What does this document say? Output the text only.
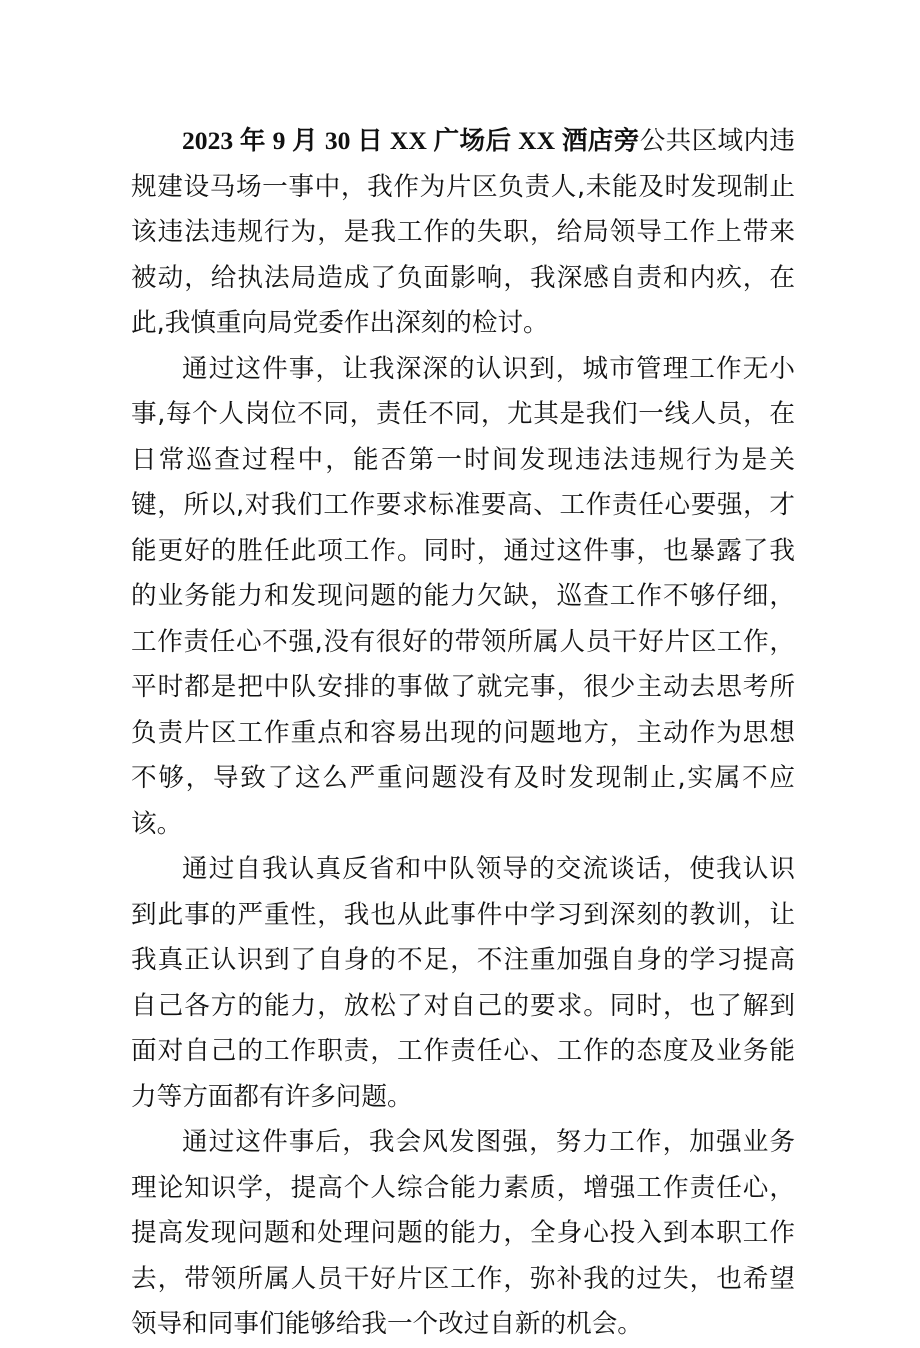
2023 年 9 月 30 日 XX 广场后 XX 酒店旁公共区域内违规建设马场一事中，我作为片区负责人,未能及时发现制止该违法违规行为，是我工作的失职，给局领导工作上带来被动，给执法局造成了负面影响，我深感自责和内疚，在此,我慎重向局党委作出深刻的检讨。

通过这件事，让我深深的认识到，城市管理工作无小事,每个人岗位不同，责任不同，尤其是我们一线人员，在日常巡查过程中，能否第一时间发现违法违规行为是关键，所以,对我们工作要求标准要高、工作责任心要强，才能更好的胜任此项工作。同时，通过这件事，也暴露了我的业务能力和发现问题的能力欠缺，巡查工作不够仔细，工作责任心不强,没有很好的带领所属人员干好片区工作，平时都是把中队安排的事做了就完事，很少主动去思考所负责片区工作重点和容易出现的问题地方，主动作为思想不够，导致了这么严重问题没有及时发现制止,实属不应该。

通过自我认真反省和中队领导的交流谈话，使我认识到此事的严重性，我也从此事件中学习到深刻的教训，让我真正认识到了自身的不足，不注重加强自身的学习提高自己各方的能力，放松了对自己的要求。同时，也了解到面对自己的工作职责，工作责任心、工作的态度及业务能力等方面都有许多问题。

通过这件事后，我会风发图强，努力工作，加强业务理论知识学，提高个人综合能力素质，增强工作责任心，提高发现问题和处理问题的能力，全身心投入到本职工作去，带领所属人员干好片区工作，弥补我的过失，也希望领导和同事们能够给我一个改过自新的机会。
